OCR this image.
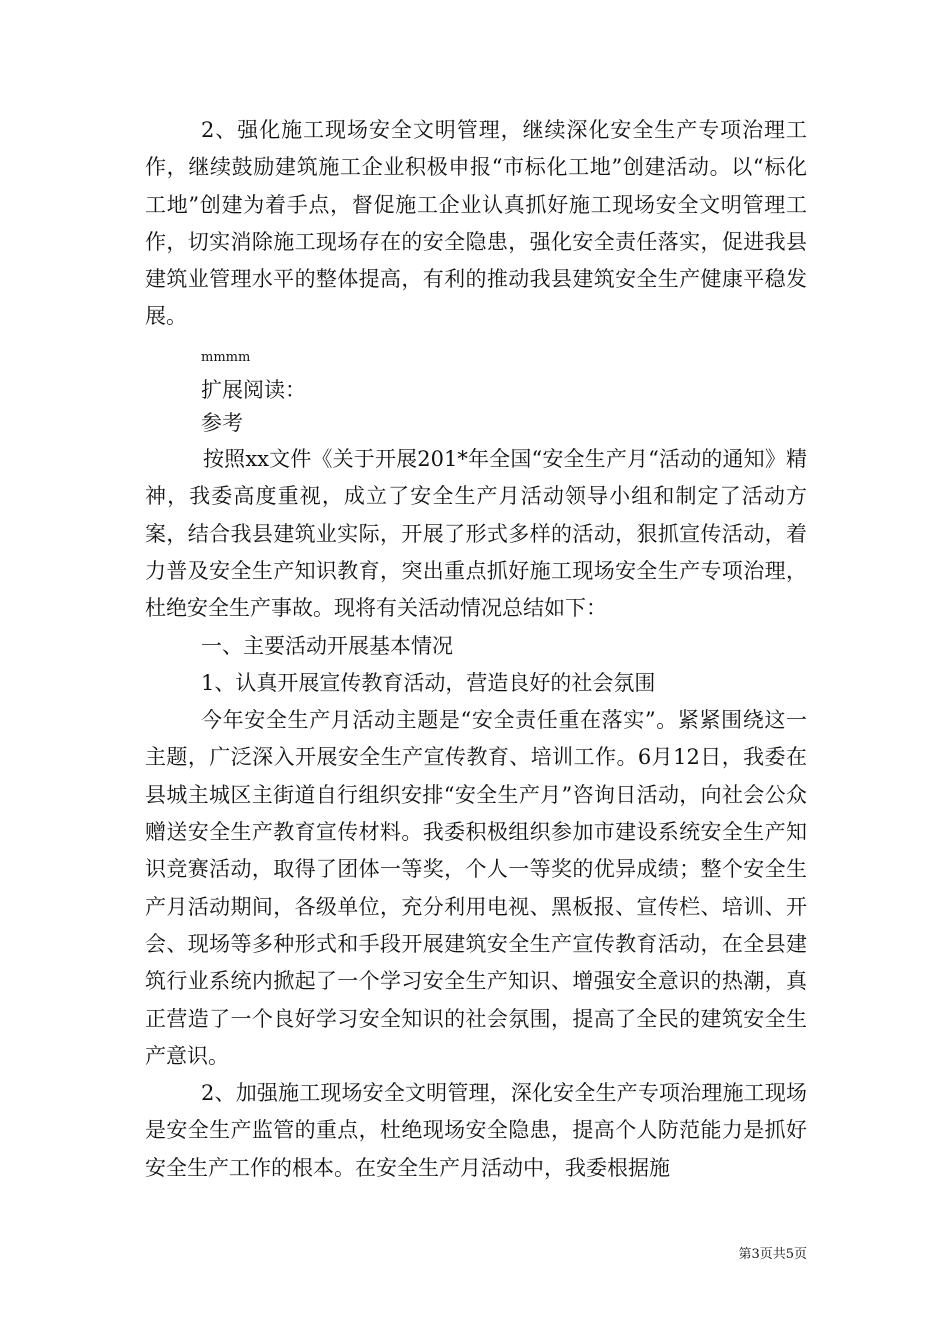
2、强化施工现场安全文明管理，继续深化安全生产专项治理工作，继续鼓励建筑施工企业积极申报“市标化工地”创建活动。以“标化工地”创建为着手点，督促施工企业认真抓好施工现场安全文明管理工作，切实消除施工现场存在的安全隐患，强化安全责任落实，促进我县建筑业管理水平的整体提高，有利的推动我县建筑安全生产健康平稳发展。

mmmm

扩展阅读：

参考

按照xx文件《关于开展201*年全国“安全生产月“活动的通知》精神，我委高度重视，成立了安全生产月活动领导小组和制定了活动方案，结合我县建筑业实际，开展了形式多样的活动，狠抓宣传活动，着力普及安全生产知识教育，突出重点抓好施工现场安全生产专项治理，杜绝安全生产事故。现将有关活动情况总结如下：

一、主要活动开展基本情况

1、认真开展宣传教育活动，营造良好的社会氛围

今年安全生产月活动主题是“安全责任重在落实”。紧紧围绕这一主题，广泛深入开展安全生产宣传教育、培训工作。6月12日，我委在县城主城区主街道自行组织安排“安全生产月”咨询日活动，向社会公众赠送安全生产教育宣传材料。我委积极组织参加市建设系统安全生产知识竞赛活动，取得了团体一等奖，个人一等奖的优异成绩；整个安全生产月活动期间，各级单位，充分利用电视、黑板报、宣传栏、培训、开会、现场等多种形式和手段开展建筑安全生产宣传教育活动，在全县建筑行业系统内掀起了一个学习安全生产知识、增强安全意识的热潮，真正营造了一个良好学习安全知识的社会氛围，提高了全民的建筑安全生产意识。

2、加强施工现场安全文明管理，深化安全生产专项治理施工现场是安全生产监管的重点，杜绝现场安全隐患，提高个人防范能力是抓好安全生产工作的根本。在安全生产月活动中，我委根据施

第3页共5页
